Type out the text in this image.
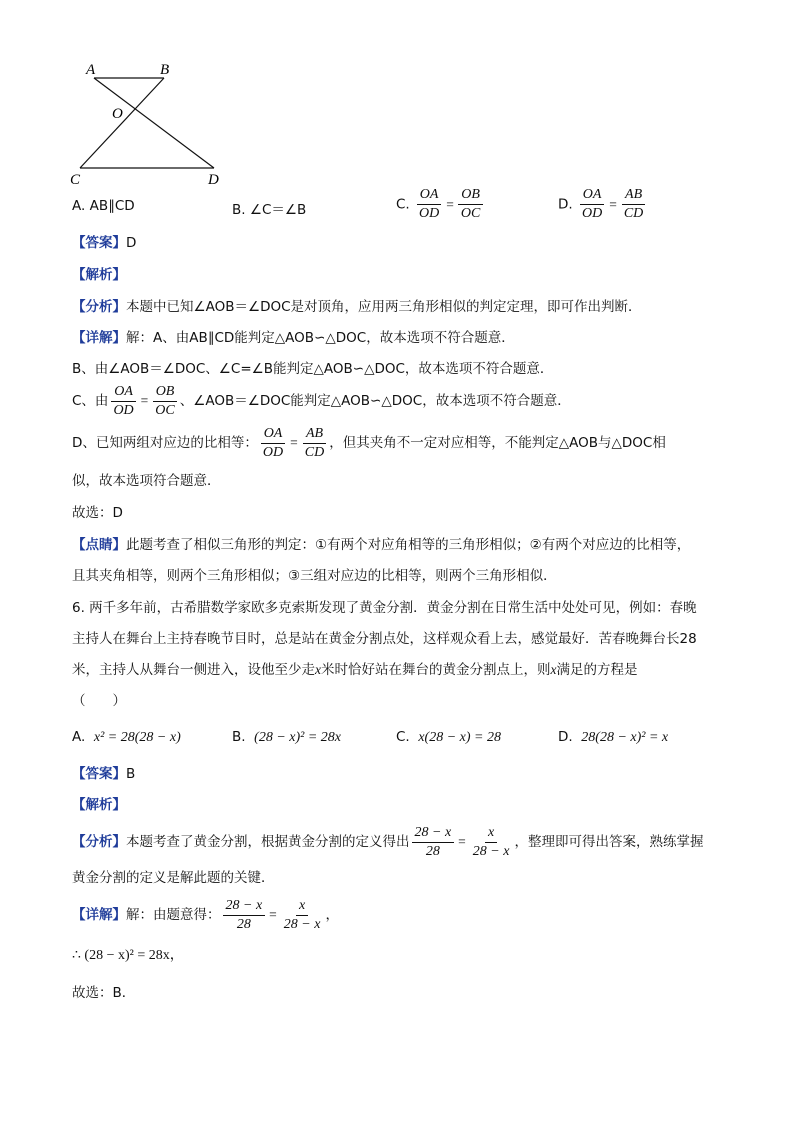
A	B
O
C	D
A. AB∥CD	B. ∠C＝∠B	C. $\frac{OA}{OD} = \frac{OB}{OC}$	D. $\frac{OA}{OD} = \frac{AB}{CD}$
【答案】D
【解析】
【分析】本题中已知∠AOB＝∠DOC是对顶角，应用两三角形相似的判定定理，即可作出判断．
【详解】解：A、由AB∥CD能判定△AOB∽△DOC，故本选项不符合题意．
B、由∠AOB＝∠DOC、∠C=∠B能判定△AOB∽△DOC，故本选项不符合题意．
C、由 $\frac{OA}{OD} = \frac{OB}{OC}$ 、∠AOB＝∠DOC能判定△AOB∽△DOC，故本选项不符合题意．
D、已知两组对应边的比相等： $\frac{OA}{OD} = \frac{AB}{CD}$ ，但其夹角不一定对应相等，不能判定△AOB与△DOC相
似，故本选项符合题意．
故选：D
【点睛】此题考查了相似三角形的判定：①有两个对应角相等的三角形相似；②有两个对应边的比相等，
且其夹角相等，则两个三角形相似；③三组对应边的比相等，则两个三角形相似．
6. 两千多年前，古希腊数学家欧多克索斯发现了黄金分割．黄金分割在日常生活中处处可见，例如：春晚
主持人在舞台上主持春晚节目时，总是站在黄金分割点处，这样观众看上去，感觉最好．苦春晚舞台长28
米，主持人从舞台一侧进入，设他至少走x米时恰好站在舞台的黄金分割点上，则x满足的方程是
（　　）
A. x² = 28(28 − x)	B. (28 − x)² = 28x	C. x(28 − x) = 28	D. 28(28 − x)² = x
【答案】B
【解析】
【分析】本题考查了黄金分割，根据黄金分割的定义得出 $\frac{28 - x}{28} = \frac{x}{28 - x}$ ，整理即可得出答案，熟练掌握
黄金分割的定义是解此题的关键．
【详解】解：由题意得： $\frac{28 - x}{28} = \frac{x}{28 - x}$ ，
∴ (28 − x)² = 28x，
故选：B．
